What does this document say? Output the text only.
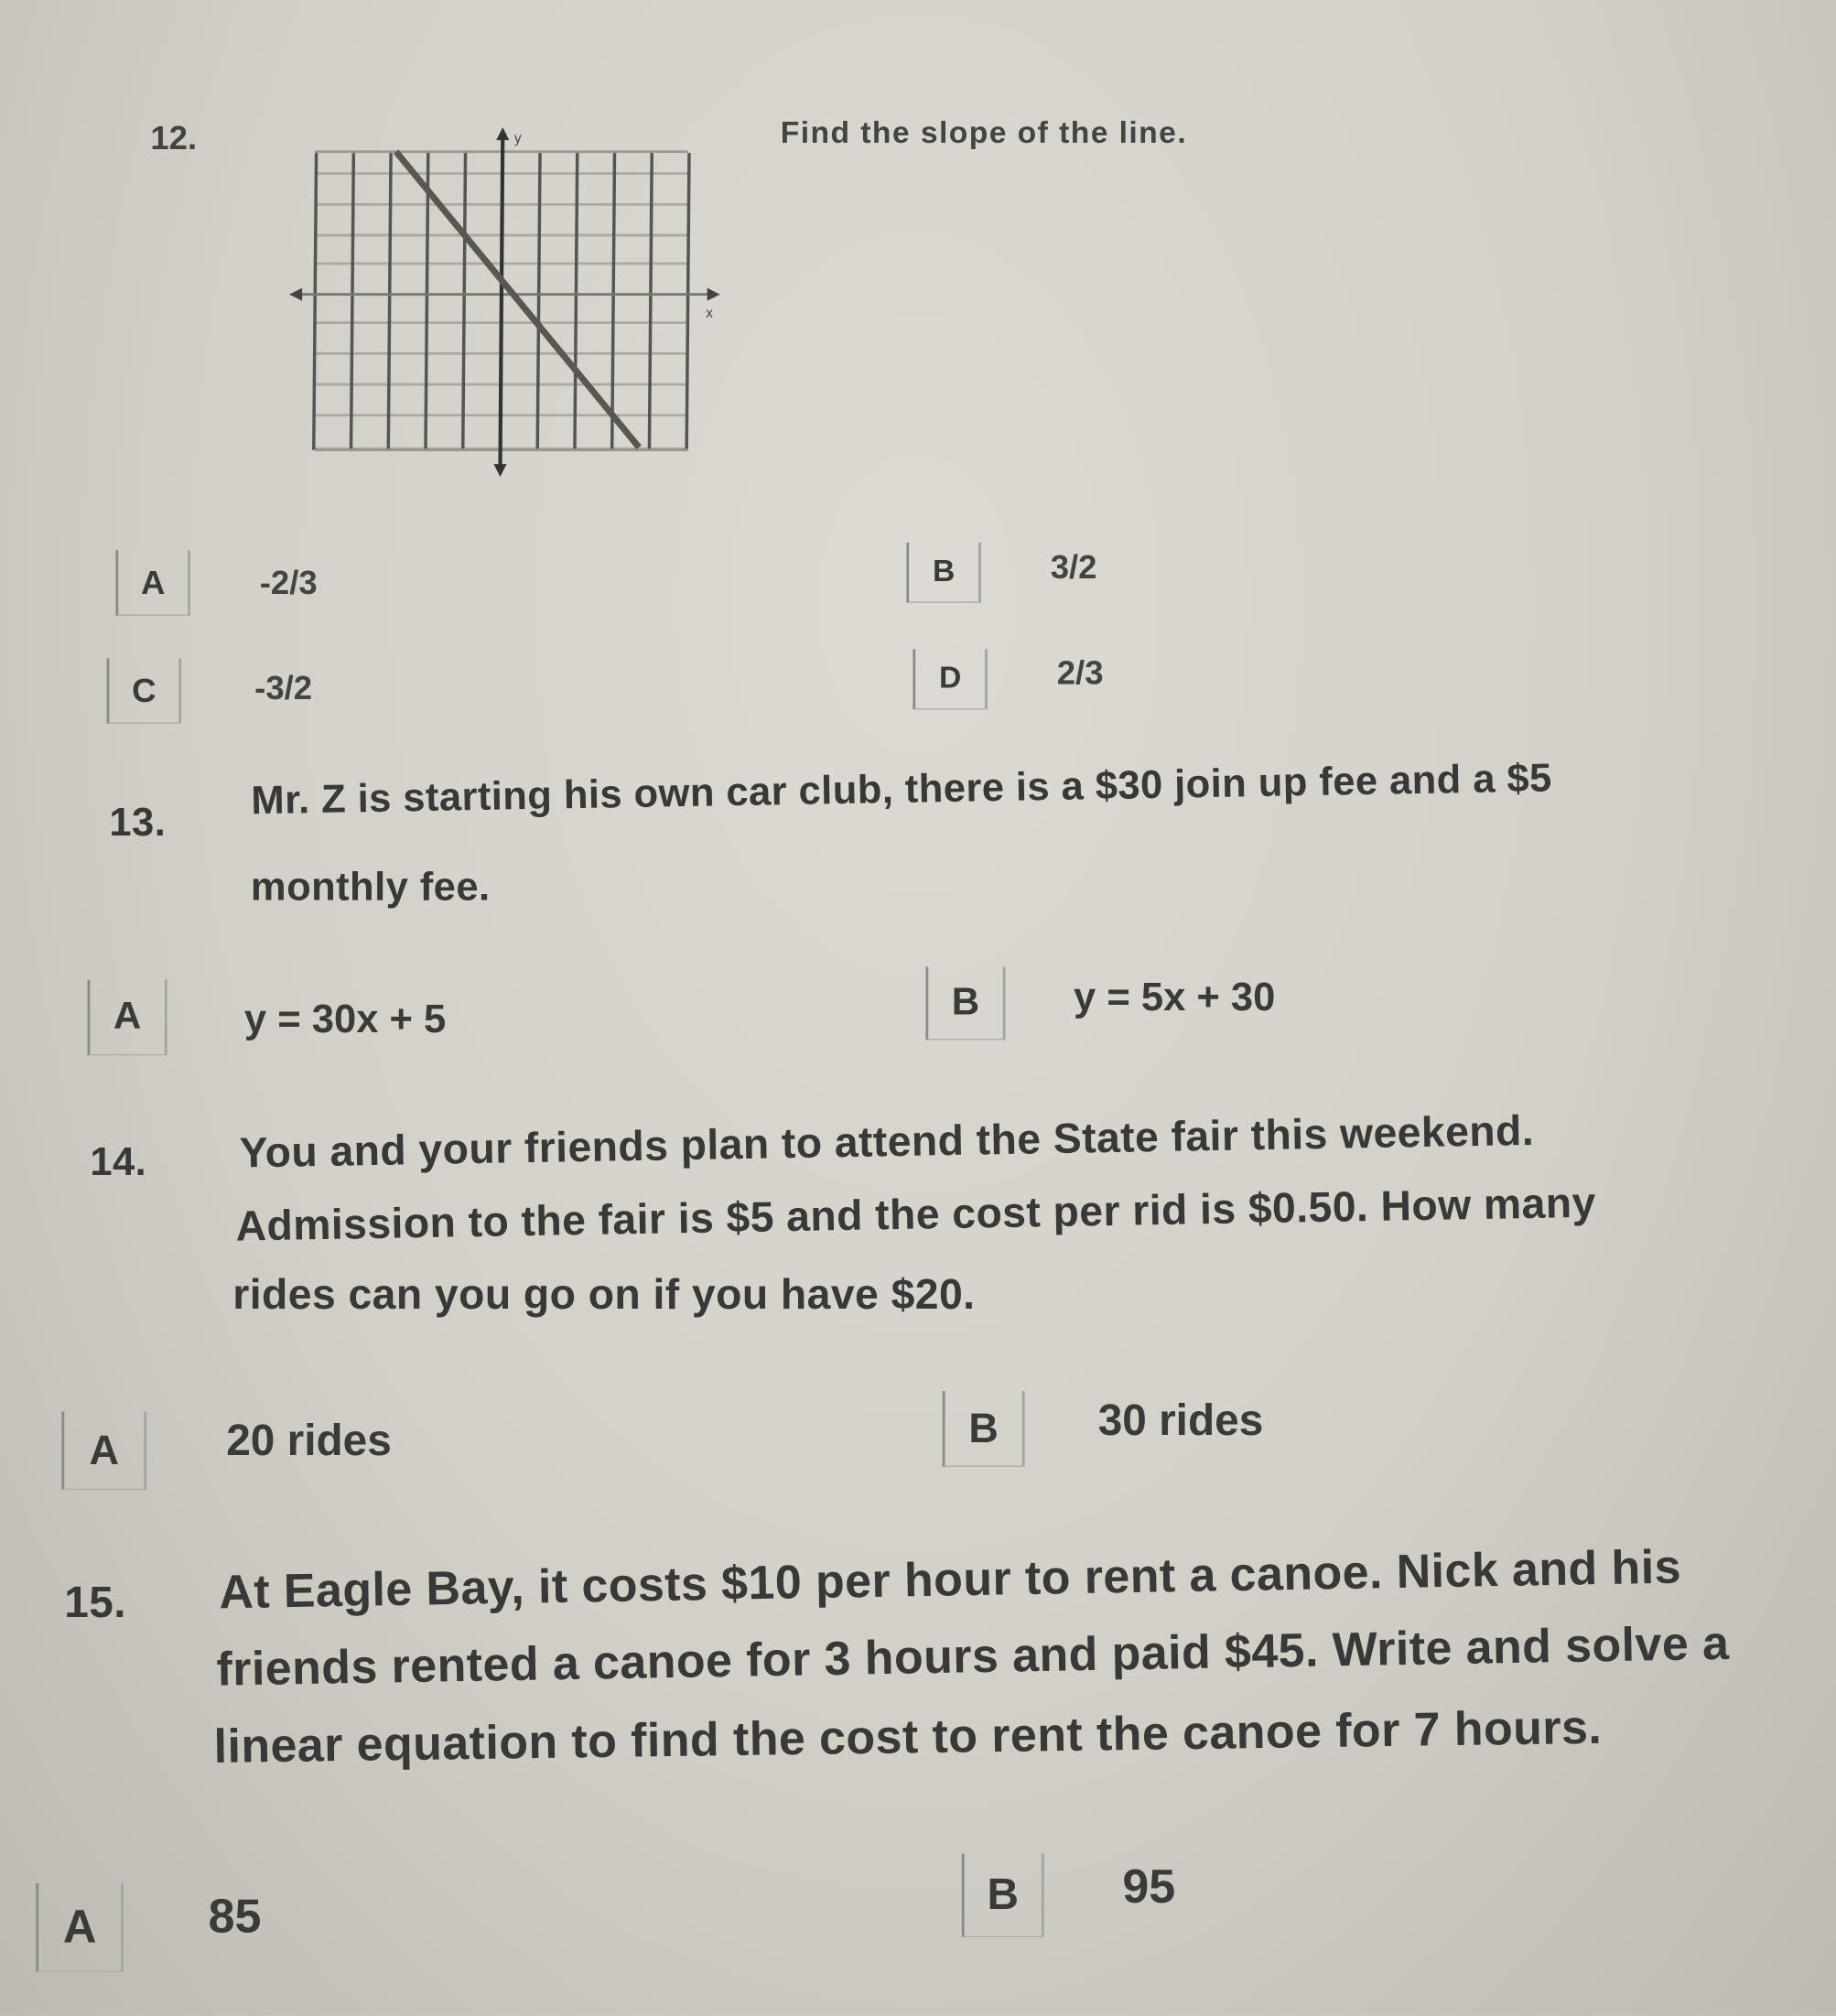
12.	Find the slope of the line.
y
x
A	-2/3	B	3/2
C	-3/2	D	2/3
13.	Mr. Z is starting his own car club, there is a $30 join up fee and a $5
monthly fee.
A	y = 30x + 5	B	y = 5x + 30
14.	You and your friends plan to attend the State fair this weekend.
Admission to the fair is $5 and the cost per rid is $0.50. How many
rides can you go on if you have $20.
A	20 rides	B	30 rides
15.	At Eagle Bay, it costs $10 per hour to rent a canoe. Nick and his
friends rented a canoe for 3 hours and paid $45. Write and solve a
linear equation to find the cost to rent the canoe for 7 hours.
A	85	B	95
